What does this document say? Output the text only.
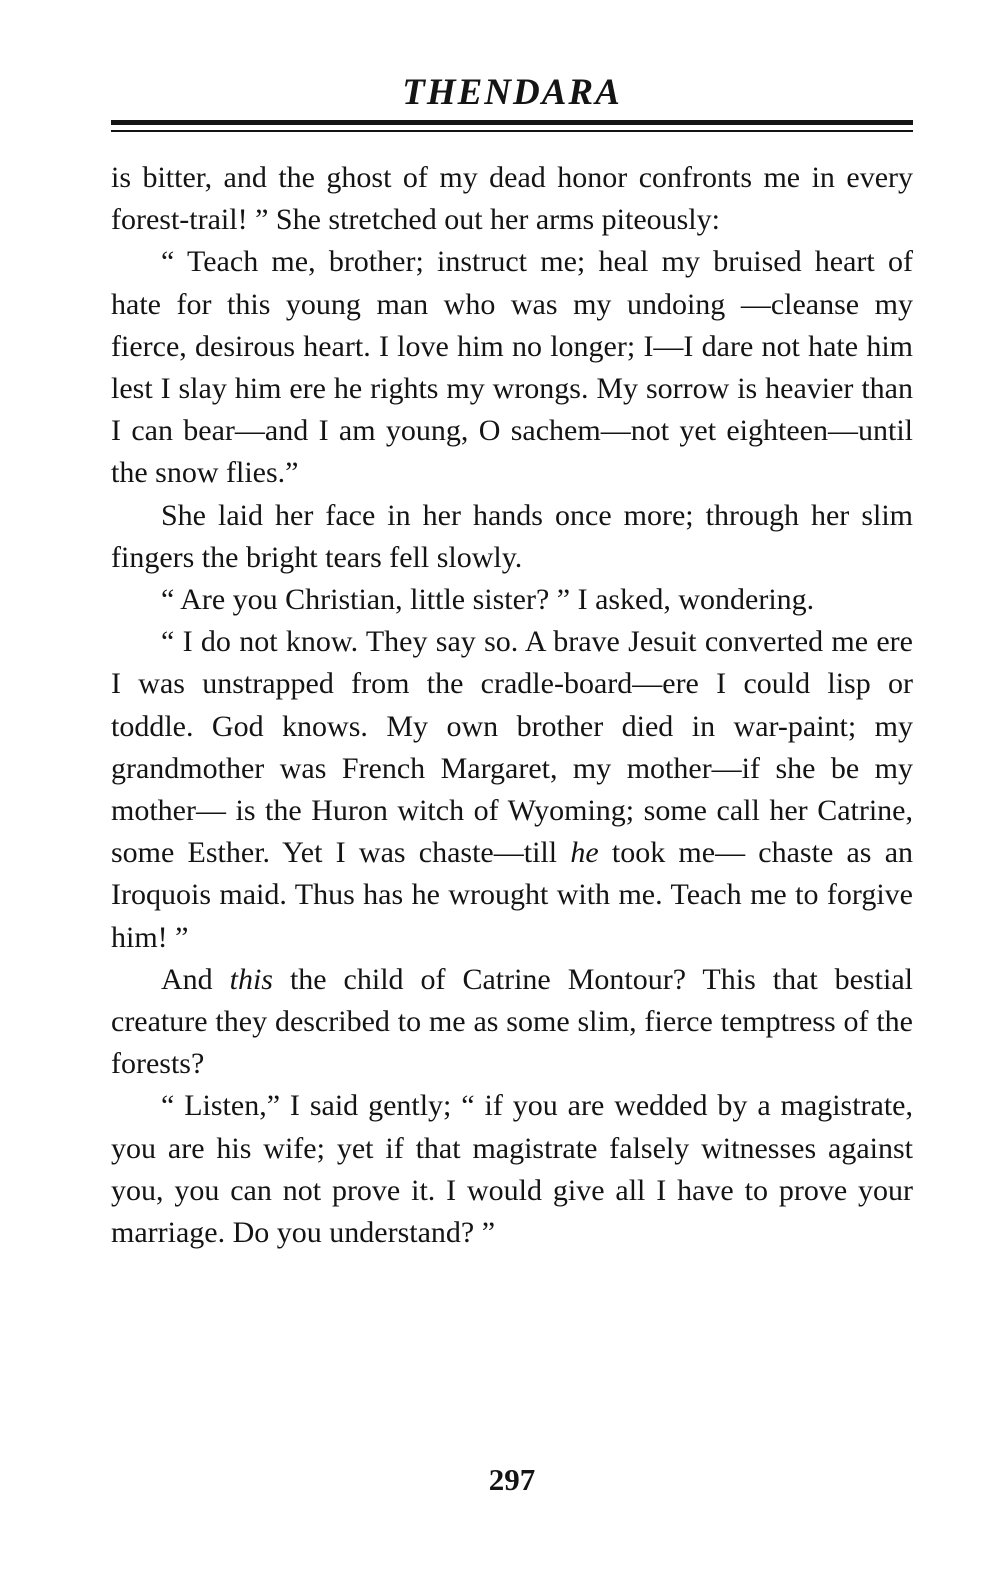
THENDARA

is bitter, and the ghost of my dead honor confronts me in every forest-trail! ” She stretched out her arms piteously:

“ Teach me, brother; instruct me; heal my bruised heart of hate for this young man who was my undoing —cleanse my fierce, desirous heart. I love him no longer; I—I dare not hate him lest I slay him ere he rights my wrongs. My sorrow is heavier than I can bear—and I am young, O sachem—not yet eighteen—until the snow flies.”

She laid her face in her hands once more; through her slim fingers the bright tears fell slowly.

“ Are you Christian, little sister? ” I asked, wondering.

“ I do not know. They say so. A brave Jesuit converted me ere I was unstrapped from the cradle-board—ere I could lisp or toddle. God knows. My own brother died in war-paint; my grandmother was French Margaret, my mother—if she be my mother— is the Huron witch of Wyoming; some call her Catrine, some Esther. Yet I was chaste—till he took me— chaste as an Iroquois maid. Thus has he wrought with me. Teach me to forgive him! ”

And this the child of Catrine Montour? This that bestial creature they described to me as some slim, fierce temptress of the forests?

“ Listen,” I said gently; “ if you are wedded by a magistrate, you are his wife; yet if that magistrate falsely witnesses against you, you can not prove it. I would give all I have to prove your marriage. Do you understand? ”

297
